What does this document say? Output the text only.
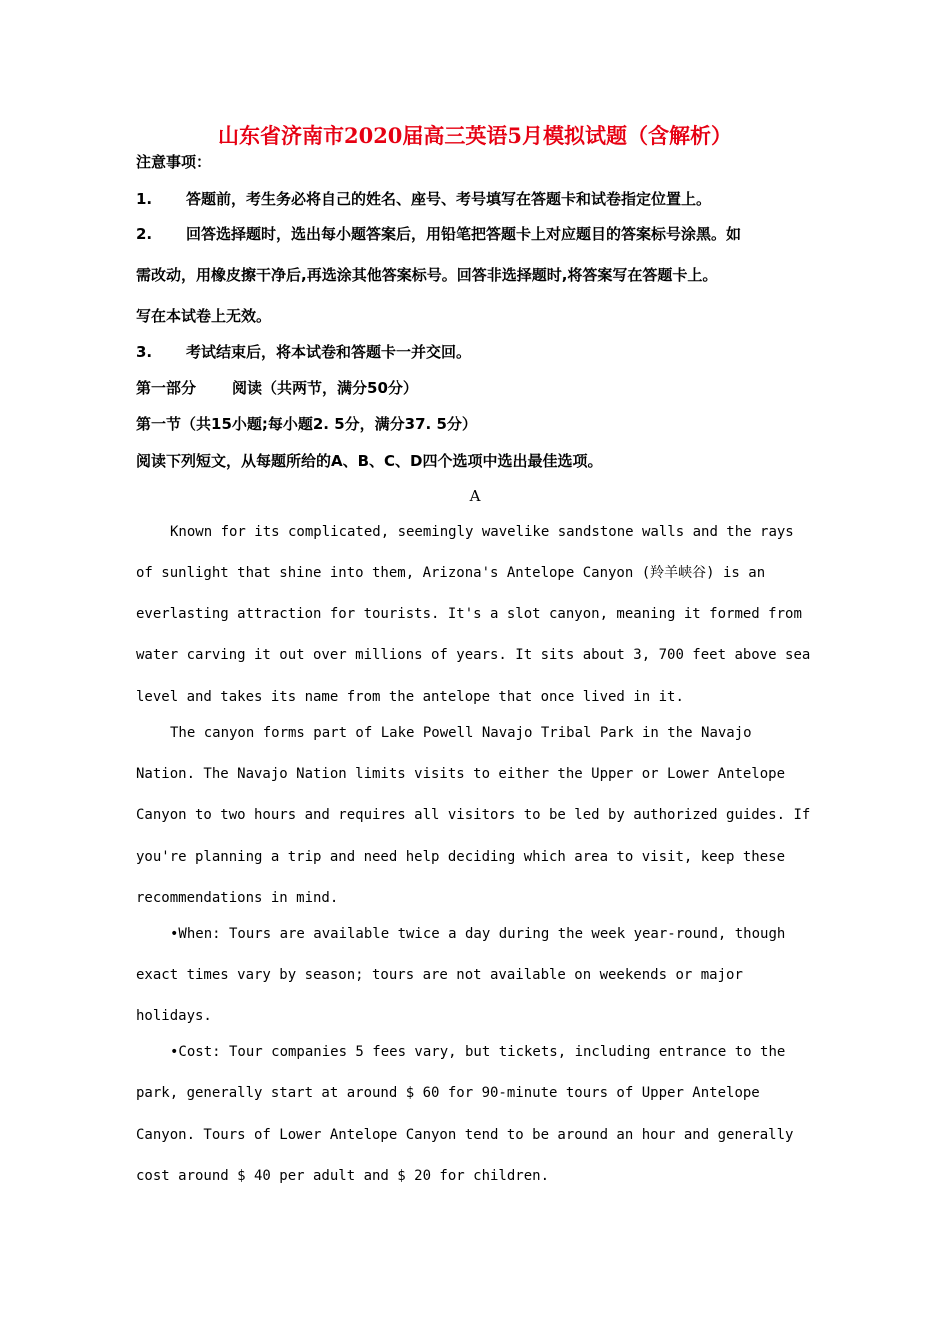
山东省济南市2020届高三英语5月模拟试题（含解析）
注意事项：
1. 答题前，考生务必将自己的姓名、座号、考号填写在答题卡和试卷指定位置上。
2. 回答选择题时，选出每小题答案后，用铅笔把答题卡上对应题目的答案标号涂黑。如
需改动，用橡皮擦干净后,再选涂其他答案标号。回答非选择题时,将答案写在答题卡上。
写在本试卷上无效。
3. 考试结束后，将本试卷和答题卡一并交回。
第一部分 阅读（共两节，满分50分）
第一节（共15小题;每小题2. 5分，满分37. 5分）
阅读下列短文，从每题所给的A、B、C、D四个选项中选出最佳选项。
A
Known for its complicated, seemingly wavelike sandstone walls and the rays
of sunlight that shine into them, Arizona's Antelope Canyon (羚羊峡谷) is an
everlasting attraction for tourists. It's a slot canyon, meaning it formed from
water carving it out over millions of years. It sits about 3, 700 feet above sea
level and takes its name from the antelope that once lived in it.
The canyon forms part of Lake Powell Navajo Tribal Park in the Navajo
Nation. The Navajo Nation limits visits to either the Upper or Lower Antelope
Canyon to two hours and requires all visitors to be led by authorized guides. If
you're planning a trip and need help deciding which area to visit, keep these
recommendations in mind.
•When: Tours are available twice a day during the week year-round, though
exact times vary by season; tours are not available on weekends or major
holidays.
•Cost: Tour companies 5 fees vary, but tickets, including entrance to the
park, generally start at around $ 60 for 90-minute tours of Upper Antelope
Canyon. Tours of Lower Antelope Canyon tend to be around an hour and generally
cost around $ 40 per adult and $ 20 for children.
